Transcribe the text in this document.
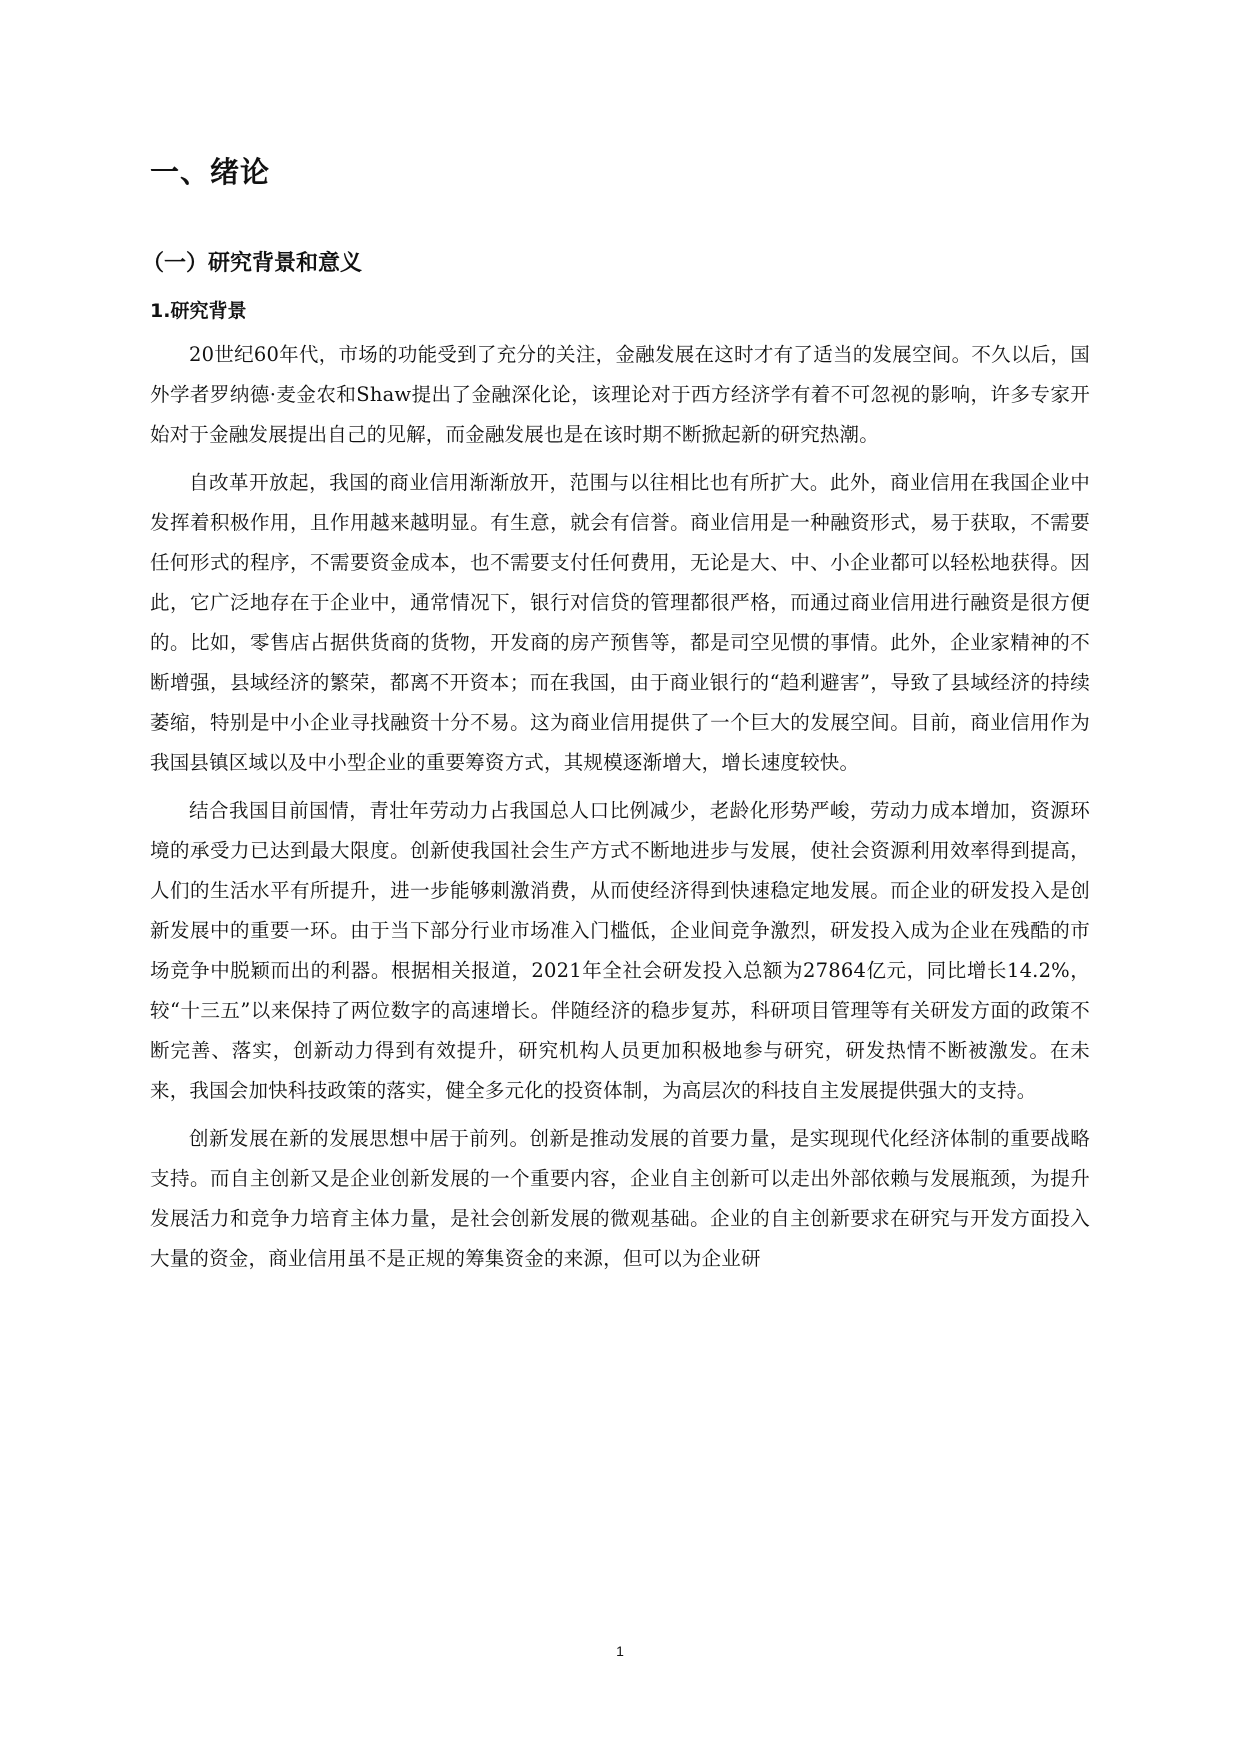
一、绪论
（一）研究背景和意义
1.研究背景

20世纪60年代，市场的功能受到了充分的关注，金融发展在这时才有了适当的发展空间。不久以后，国外学者罗纳德·麦金农和Shaw提出了金融深化论，该理论对于西方经济学有着不可忽视的影响，许多专家开始对于金融发展提出自己的见解，而金融发展也是在该时期不断掀起新的研究热潮。

自改革开放起，我国的商业信用渐渐放开，范围与以往相比也有所扩大。此外，商业信用在我国企业中发挥着积极作用，且作用越来越明显。有生意，就会有信誉。商业信用是一种融资形式，易于获取，不需要任何形式的程序，不需要资金成本，也不需要支付任何费用，无论是大、中、小企业都可以轻松地获得。因此，它广泛地存在于企业中，通常情况下，银行对信贷的管理都很严格，而通过商业信用进行融资是很方便的。比如，零售店占据供货商的货物，开发商的房产预售等，都是司空见惯的事情。此外，企业家精神的不断增强，县域经济的繁荣，都离不开资本；而在我国，由于商业银行的“趋利避害”，导致了县域经济的持续萎缩，特别是中小企业寻找融资十分不易。这为商业信用提供了一个巨大的发展空间。目前，商业信用作为我国县镇区域以及中小型企业的重要筹资方式，其规模逐渐增大，增长速度较快。

结合我国目前国情，青壮年劳动力占我国总人口比例减少，老龄化形势严峻，劳动力成本增加，资源环境的承受力已达到最大限度。创新使我国社会生产方式不断地进步与发展，使社会资源利用效率得到提高，人们的生活水平有所提升，进一步能够刺激消费，从而使经济得到快速稳定地发展。而企业的研发投入是创新发展中的重要一环。由于当下部分行业市场准入门槛低，企业间竞争激烈，研发投入成为企业在残酷的市场竞争中脱颖而出的利器。根据相关报道，2021年全社会研发投入总额为27864亿元，同比增长14.2%，较“十三五”以来保持了两位数字的高速增长。伴随经济的稳步复苏，科研项目管理等有关研发方面的政策不断完善、落实，创新动力得到有效提升，研究机构人员更加积极地参与研究，研发热情不断被激发。在未来，我国会加快科技政策的落实，健全多元化的投资体制，为高层次的科技自主发展提供强大的支持。

创新发展在新的发展思想中居于前列。创新是推动发展的首要力量，是实现现代化经济体制的重要战略支持。而自主创新又是企业创新发展的一个重要内容，企业自主创新可以走出外部依赖与发展瓶颈，为提升发展活力和竞争力培育主体力量，是社会创新发展的微观基础。企业的自主创新要求在研究与开发方面投入大量的资金，商业信用虽不是正规的筹集资金的来源，但可以为企业研

1
